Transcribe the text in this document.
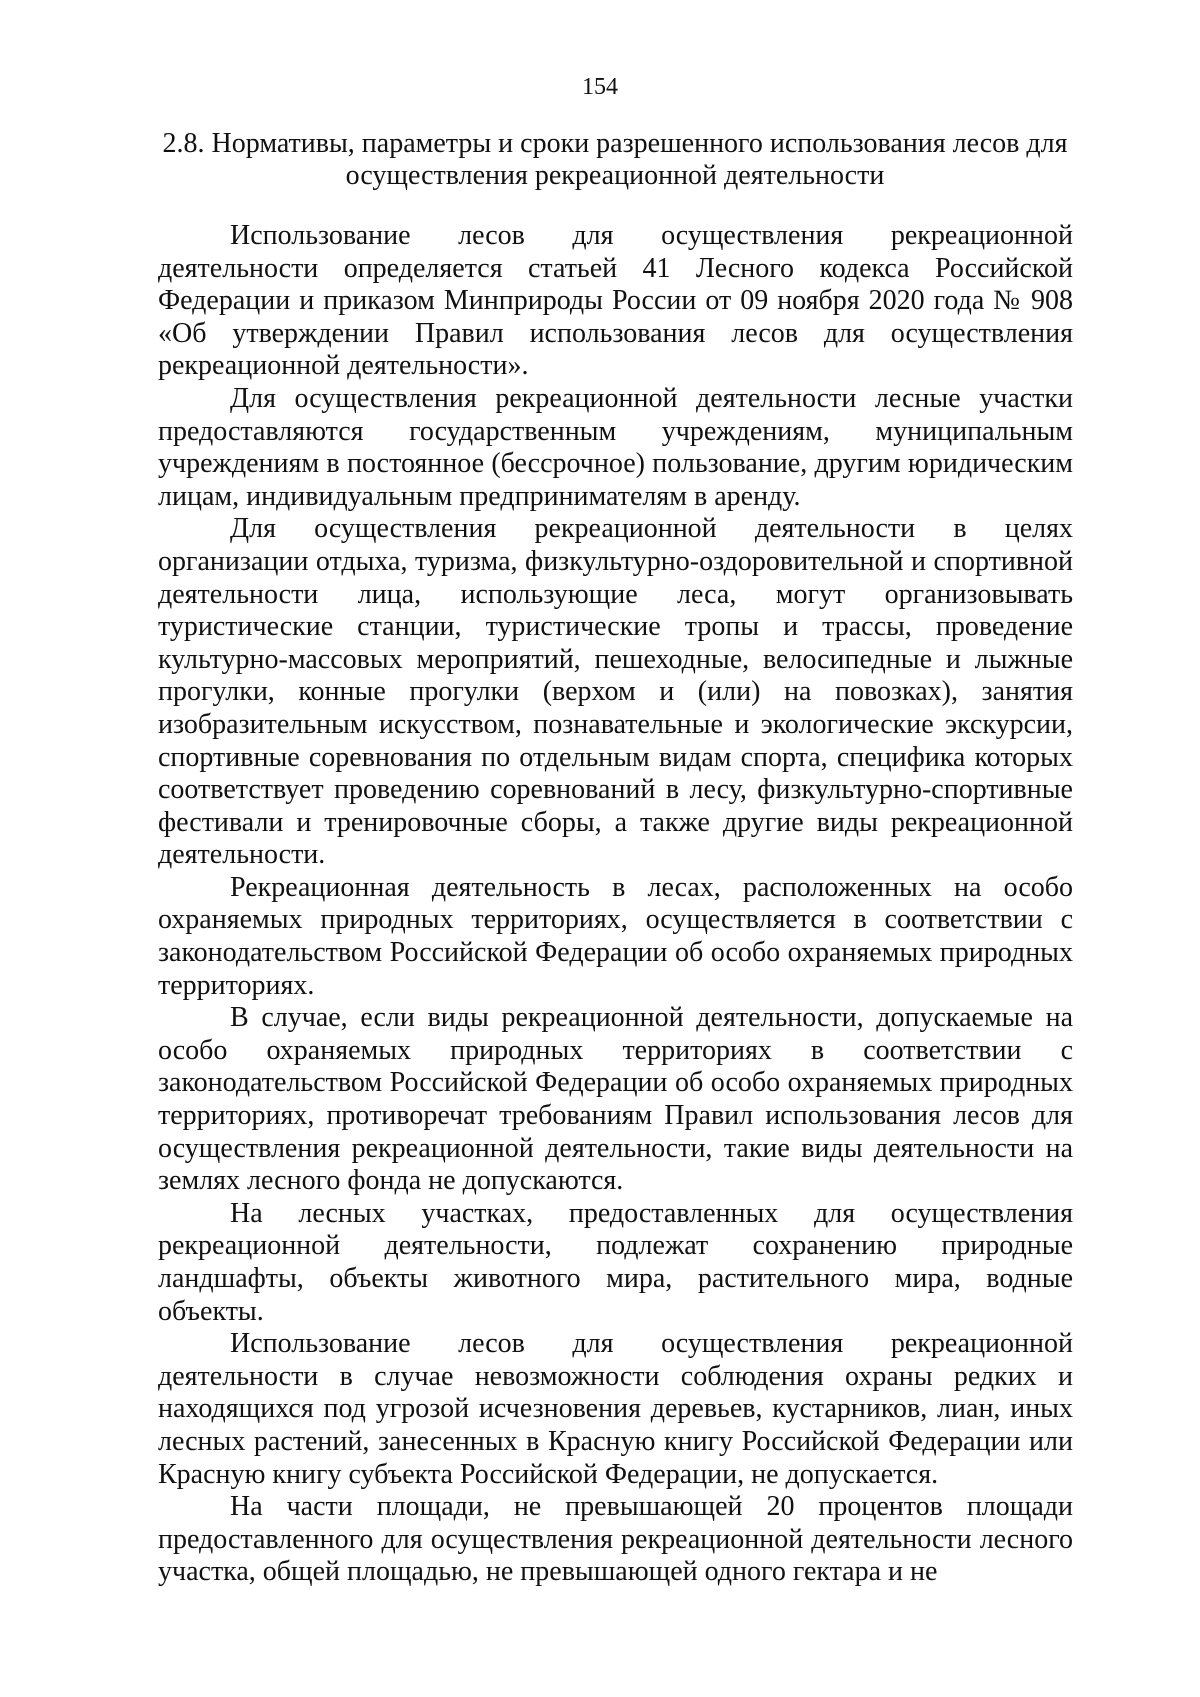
154
2.8. Нормативы, параметры и сроки разрешенного использования лесов для
осуществления рекреационной деятельности

Использование лесов для осуществления рекреационной деятельности определяется статьей 41 Лесного кодекса Российской Федерации и приказом Минприроды России от 09 ноября 2020 года № 908 «Об утверждении Правил использования лесов для осуществления рекреационной деятельности».

Для осуществления рекреационной деятельности лесные участки предоставляются государственным учреждениям, муниципальным учреждениям в постоянное (бессрочное) пользование, другим юридическим лицам, индивидуальным предпринимателям в аренду.

Для осуществления рекреационной деятельности в целях организации отдыха, туризма, физкультурно-оздоровительной и спортивной деятельности лица, использующие леса, могут организовывать туристические станции, туристические тропы и трассы, проведение культурно-массовых мероприятий, пешеходные, велосипедные и лыжные прогулки, конные прогулки (верхом и (или) на повозках), занятия изобразительным искусством, познавательные и экологические экскурсии, спортивные соревнования по отдельным видам спорта, специфика которых соответствует проведению соревнований в лесу, физкультурно-спортивные фестивали и тренировочные сборы, а также другие виды рекреационной деятельности.

Рекреационная деятельность в лесах, расположенных на особо охраняемых природных территориях, осуществляется в соответствии с законодательством Российской Федерации об особо охраняемых природных территориях.

В случае, если виды рекреационной деятельности, допускаемые на особо охраняемых природных территориях в соответствии с законодательством Российской Федерации об особо охраняемых природных территориях, противоречат требованиям Правил использования лесов для осуществления рекреационной деятельности, такие виды деятельности на землях лесного фонда не допускаются.

На лесных участках, предоставленных для осуществления рекреационной деятельности, подлежат сохранению природные ландшафты, объекты животного мира, растительного мира, водные объекты.

Использование лесов для осуществления рекреационной деятельности в случае невозможности соблюдения охраны редких и находящихся под угрозой исчезновения деревьев, кустарников, лиан, иных лесных растений, занесенных в Красную книгу Российской Федерации или Красную книгу субъекта Российской Федерации, не допускается.

На части площади, не превышающей 20 процентов площади предоставленного для осуществления рекреационной деятельности лесного участка, общей площадью, не превышающей одного гектара и не
